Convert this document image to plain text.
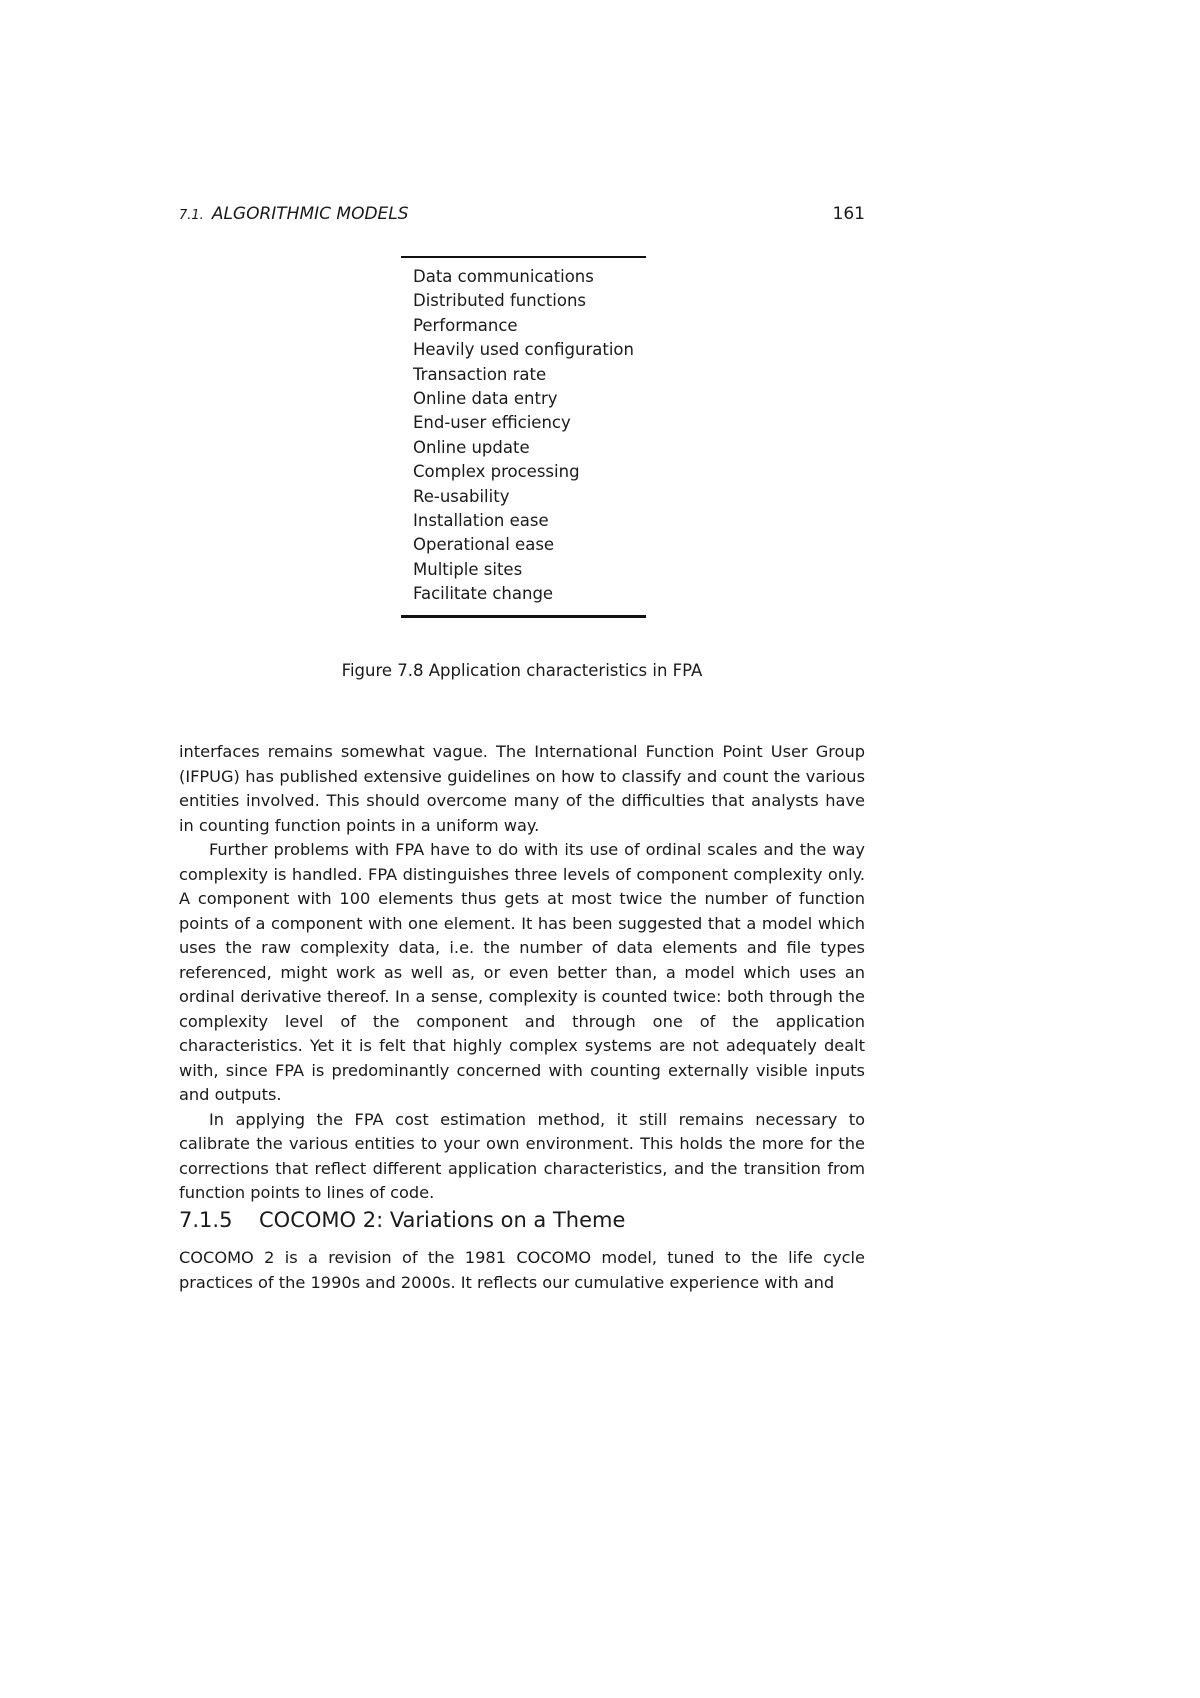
7.1. ALGORITHMIC MODELS	161
Data communications
Distributed functions
Performance
Heavily used configuration
Transaction rate
Online data entry
End-user efficiency
Online update
Complex processing
Re-usability
Installation ease
Operational ease
Multiple sites
Facilitate change
Figure 7.8 Application characteristics in FPA

interfaces remains somewhat vague. The International Function Point User Group (IFPUG) has published extensive guidelines on how to classify and count the various entities involved. This should overcome many of the difficulties that analysts have in counting function points in a uniform way.

Further problems with FPA have to do with its use of ordinal scales and the way complexity is handled. FPA distinguishes three levels of component complexity only. A component with 100 elements thus gets at most twice the number of function points of a component with one element. It has been suggested that a model which uses the raw complexity data, i.e. the number of data elements and file types referenced, might work as well as, or even better than, a model which uses an ordinal derivative thereof. In a sense, complexity is counted twice: both through the complexity level of the component and through one of the application characteristics. Yet it is felt that highly complex systems are not adequately dealt with, since FPA is predominantly concerned with counting externally visible inputs and outputs.

In applying the FPA cost estimation method, it still remains necessary to calibrate the various entities to your own environment. This holds the more for the corrections that reflect different application characteristics, and the transition from function points to lines of code.

7.1.5 COCOMO 2: Variations on a Theme

COCOMO 2 is a revision of the 1981 COCOMO model, tuned to the life cycle practices of the 1990s and 2000s. It reflects our cumulative experience with and
